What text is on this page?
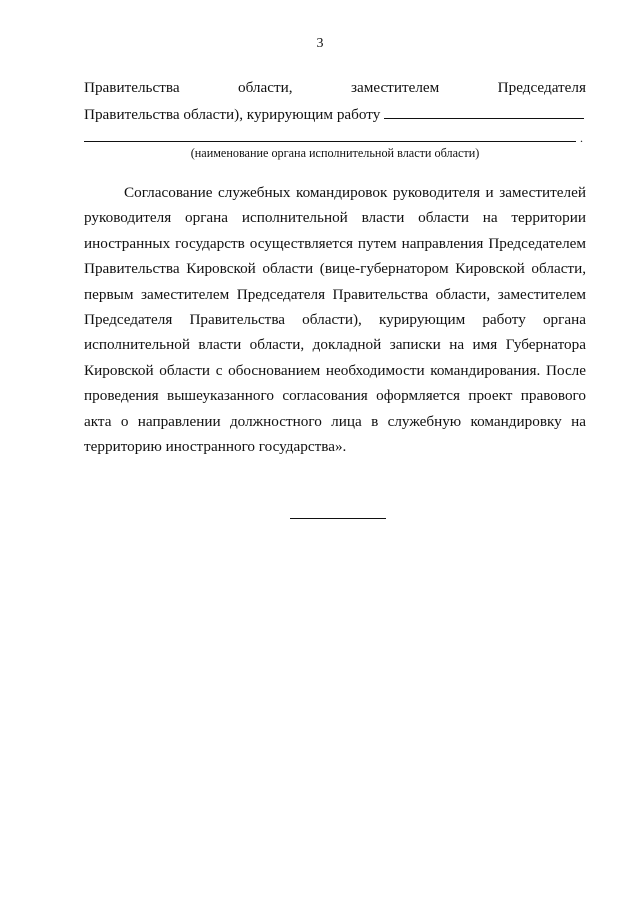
3
Правительства	области,	заместителем	Председателя
Правительства области), курирующим работу
.
(наименование органа исполнительной власти области)

Согласование служебных командировок руководителя и заместителей руководителя органа исполнительной власти области на территории иностранных государств осуществляется путем направления Председателем Правительства Кировской области (вице-губернатором Кировской области, первым заместителем Председателя Правительства области, заместителем Председателя Правительства области), курирующим работу органа исполнительной власти области, докладной записки на имя Губернатора Кировской области с обоснованием необходимости командирования. После проведения вышеуказанного согласования оформляется проект правового акта о направлении должностного лица в служебную командировку на территорию иностранного государства».
